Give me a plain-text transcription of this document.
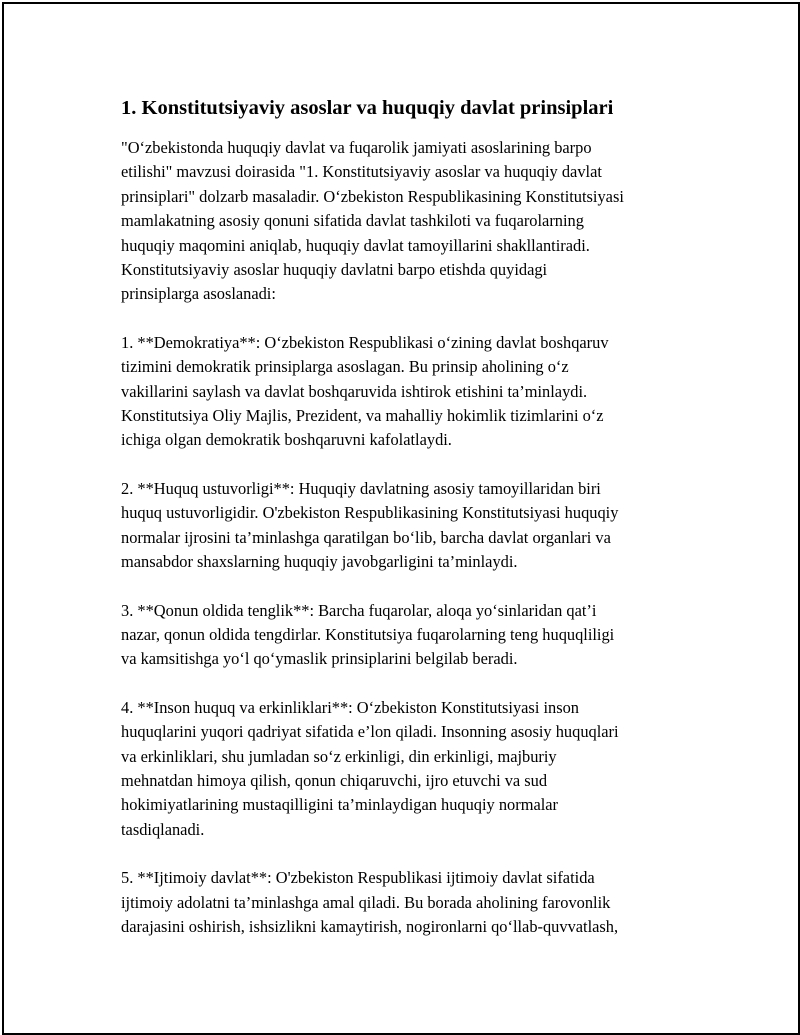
1. Konstitutsiyaviy asoslar va huquqiy davlat prinsiplari

"O‘zbekistonda huquqiy davlat va fuqarolik jamiyati asoslarining barpo
etilishi" mavzusi doirasida "1. Konstitutsiyaviy asoslar va huquqiy davlat
prinsiplari" dolzarb masaladir. O‘zbekiston Respublikasining Konstitutsiyasi
mamlakatning asosiy qonuni sifatida davlat tashkiloti va fuqarolarning
huquqiy maqomini aniqlab, huquqiy davlat tamoyillarini shakllantiradi.
Konstitutsiyaviy asoslar huquqiy davlatni barpo etishda quyidagi
prinsiplarga asoslanadi:

1. **Demokratiya**: O‘zbekiston Respublikasi o‘zining davlat boshqaruv
tizimini demokratik prinsiplarga asoslagan. Bu prinsip aholining o‘z
vakillarini saylash va davlat boshqaruvida ishtirok etishini ta’minlaydi.
Konstitutsiya Oliy Majlis, Prezident, va mahalliy hokimlik tizimlarini o‘z
ichiga olgan demokratik boshqaruvni kafolatlaydi.

2. **Huquq ustuvorligi**: Huquqiy davlatning asosiy tamoyillaridan biri
huquq ustuvorligidir. O'zbekiston Respublikasining Konstitutsiyasi huquqiy
normalar ijrosini ta’minlashga qaratilgan bo‘lib, barcha davlat organlari va
mansabdor shaxslarning huquqiy javobgarligini ta’minlaydi.

3. **Qonun oldida tenglik**: Barcha fuqarolar, aloqa yo‘sinlaridan qat’i
nazar, qonun oldida tengdirlar. Konstitutsiya fuqarolarning teng huquqliligi
va kamsitishga yo‘l qo‘ymaslik prinsiplarini belgilab beradi.

4. **Inson huquq va erkinliklari**: O‘zbekiston Konstitutsiyasi inson
huquqlarini yuqori qadriyat sifatida e’lon qiladi. Insonning asosiy huquqlari
va erkinliklari, shu jumladan so‘z erkinligi, din erkinligi, majburiy
mehnatdan himoya qilish, qonun chiqaruvchi, ijro etuvchi va sud
hokimiyatlarining mustaqilligini ta’minlaydigan huquqiy normalar
tasdiqlanadi.

5. **Ijtimoiy davlat**: O'zbekiston Respublikasi ijtimoiy davlat sifatida
ijtimoiy adolatni ta’minlashga amal qiladi. Bu borada aholining farovonlik
darajasini oshirish, ishsizlikni kamaytirish, nogironlarni qo‘llab-quvvatlash,
